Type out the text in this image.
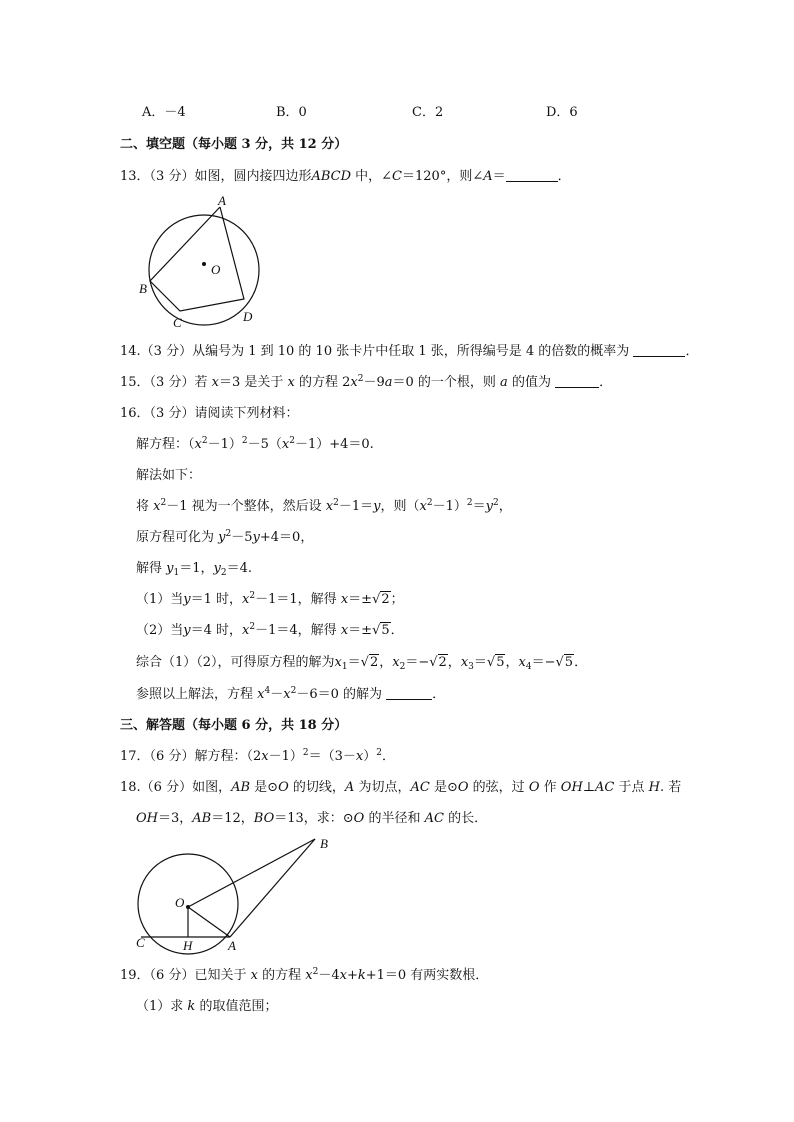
A．－4	B．0	C．2	D．6
二、填空题（每小题 3 分，共 12 分）
13．（3 分）如图，圆内接四边形ABCD 中，∠C＝120°，则∠A＝	．
A
B
C	D
O
14.（3 分）从编号为 1 到 10 的 10 张卡片中任取 1 张，所得编号是 4 的倍数的概率为	．
15．（3 分）若 x＝3 是关于 x 的方程 $2x^2-9a=0$ 的一个根，则 a 的值为	．
16．（3 分）请阅读下列材料：
解方程：$(x^2-1)^2-5(x^2-1)+4=0$.
解法如下：
将 $x^2-1$ 视为一个整体，然后设 $x^2-1=y$，则$(x^2-1)^2=y^2$，
原方程可化为 $y^2-5y+4=0$，
解得 $y_1=1$，$y_2=4$.
（1）当y＝1 时，$x^2-1=1$，解得 x＝±√2；
（2）当y＝4 时，$x^2-1=4$，解得 x＝±√5．
综合（1）（2），可得原方程的解为$x_1=√2$，$x_2=-√2$，$x_3=√5$，$x_4=-√5$．
参照以上解法，方程 $x^4-x^2-6=0$ 的解为	．
三、解答题（每小题 6 分，共 18 分）
17．（6 分）解方程：$(2x-1)^2=(3-x)^2$．
18.（6 分）如图，AB 是⊙O 的切线，A 为切点，AC 是⊙O 的弦，过 O 作 OH⊥AC 于点 H. 若
OH＝3，AB＝12，BO＝13，求：⊙O 的半径和 AC 的长．
O
B
C	H	A
19．（6 分）已知关于 x 的方程 $x^2-4x+k+1=0$ 有两实数根．
（1）求 k 的取值范围；
